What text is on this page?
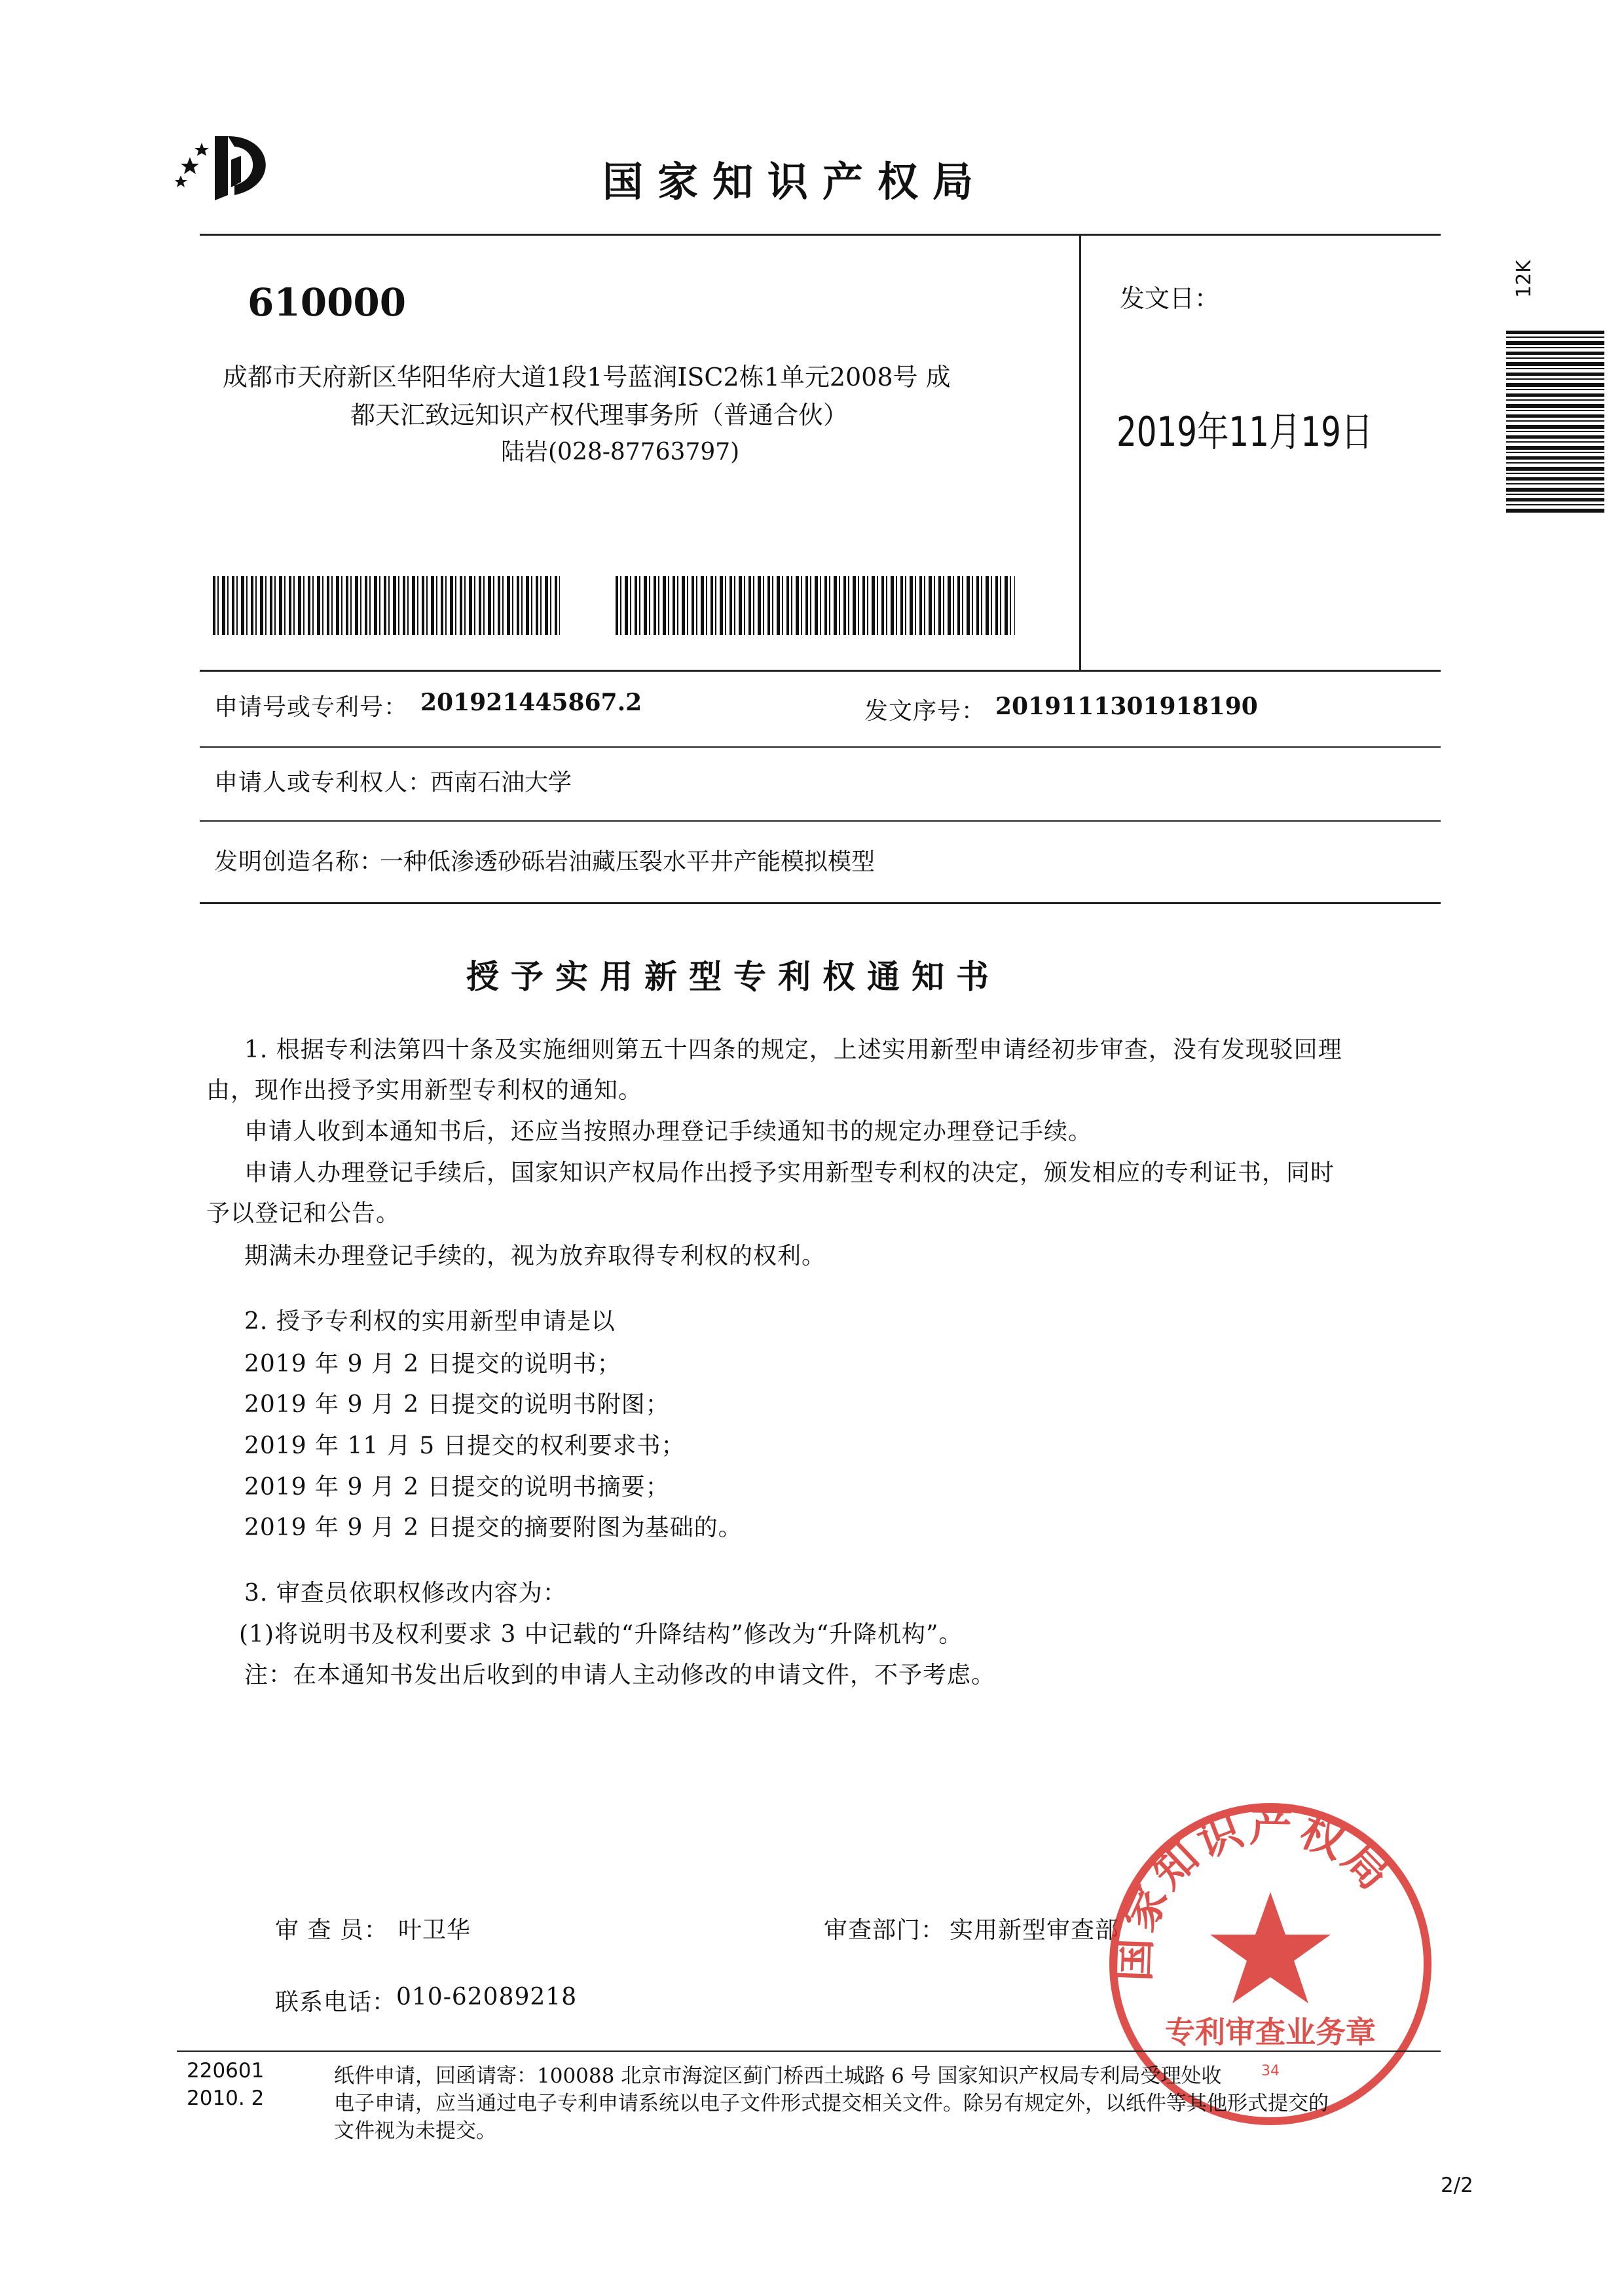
国家知识产权局
610000
成都市天府新区华阳华府大道1段1号蓝润ISC2栋1单元2008号 成
都天汇致远知识产权代理事务所（普通合伙）
陆岩(028-87763797)
发文日：
2019年11月19日
12K
申请号或专利号： 201921445867.2	发文序号： 2019111301918190
申请人或专利权人：
西南石油大学
发明创造名称：
一种低渗透砂砾岩油藏压裂水平井产能模拟模型
授予实用新型专利权通知书
1. 根据专利法第四十条及实施细则第五十四条的规定，上述实用新型申请经初步审查，没有发现驳回理
由，现作出授予实用新型专利权的通知。
申请人收到本通知书后，还应当按照办理登记手续通知书的规定办理登记手续。
申请人办理登记手续后，国家知识产权局作出授予实用新型专利权的决定，颁发相应的专利证书，同时
予以登记和公告。
期满未办理登记手续的，视为放弃取得专利权的权利。
2. 授予专利权的实用新型申请是以
2019 年 9 月 2 日提交的说明书；
2019 年 9 月 2 日提交的说明书附图；
2019 年 11 月 5 日提交的权利要求书；
2019 年 9 月 2 日提交的说明书摘要；
2019 年 9 月 2 日提交的摘要附图为基础的。
3. 审查员依职权修改内容为：
(1)将说明书及权利要求 3 中记载的“升降结构”修改为“升降机构”。
注：在本通知书发出后收到的申请人主动修改的申请文件，不予考虑。
审 查 员： 叶卫华	审查部门： 实用新型审查部
联系电话： 010-62089218
国家知识产权局
专利审查业务章
34
220601
2010. 2
纸件申请，回函请寄：100088 北京市海淀区蓟门桥西土城路 6 号 国家知识产权局专利局受理处收
电子申请，应当通过电子专利申请系统以电子文件形式提交相关文件。除另有规定外，以纸件等其他形式提交的
文件视为未提交。
2/2
